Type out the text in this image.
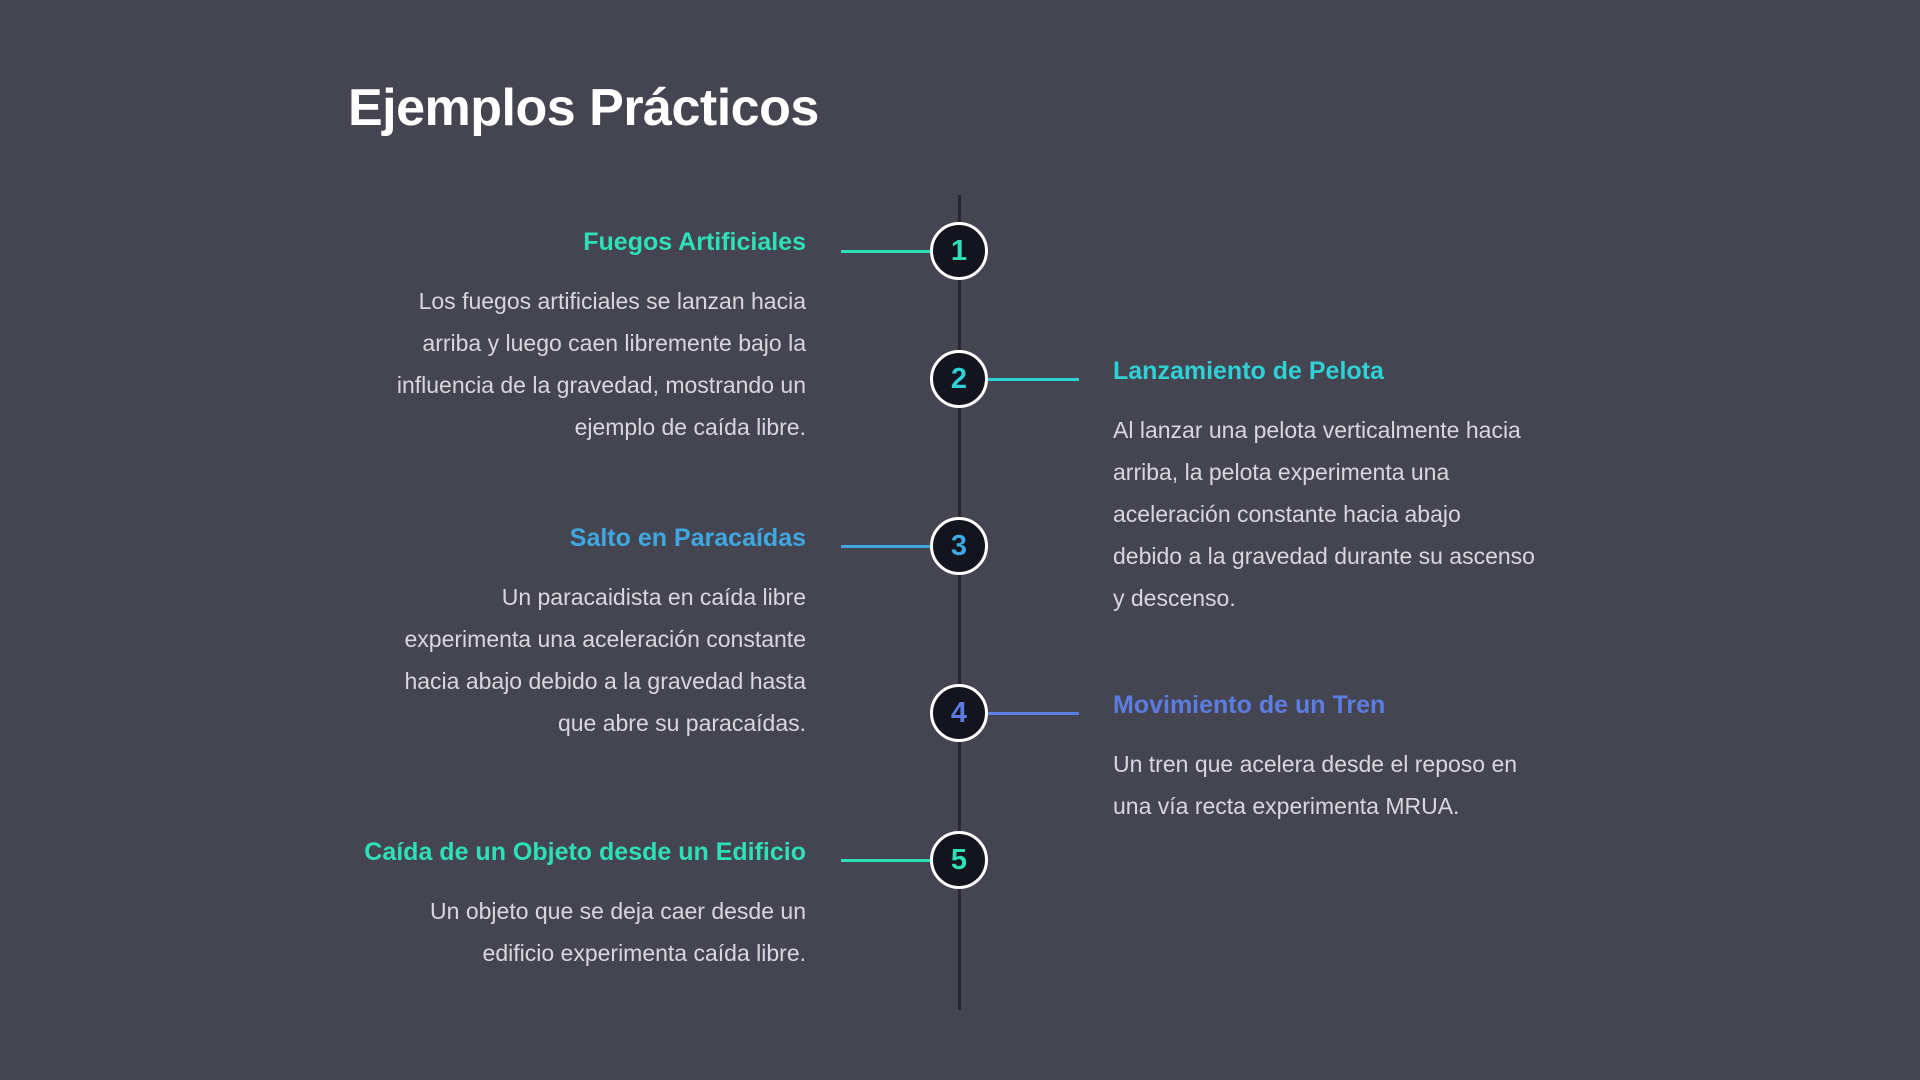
Ejemplos Prácticos
1
Fuegos Artificiales

Los fuegos artificiales se lanzan hacia
arriba y luego caen libremente bajo la
influencia de la gravedad, mostrando un
ejemplo de caída libre.

2	Lanzamiento de Pelota

Al lanzar una pelota verticalmente hacia
arriba, la pelota experimenta una
aceleración constante hacia abajo
debido a la gravedad durante su ascenso
y descenso.

3
Salto en Paracaídas

Un paracaidista en caída libre
experimenta una aceleración constante
hacia abajo debido a la gravedad hasta
que abre su paracaídas.	4	Movimiento de un Tren

Un tren que acelera desde el reposo en
una vía recta experimenta MRUA.

5
Caída de un Objeto desde un Edificio

Un objeto que se deja caer desde un
edificio experimenta caída libre.
